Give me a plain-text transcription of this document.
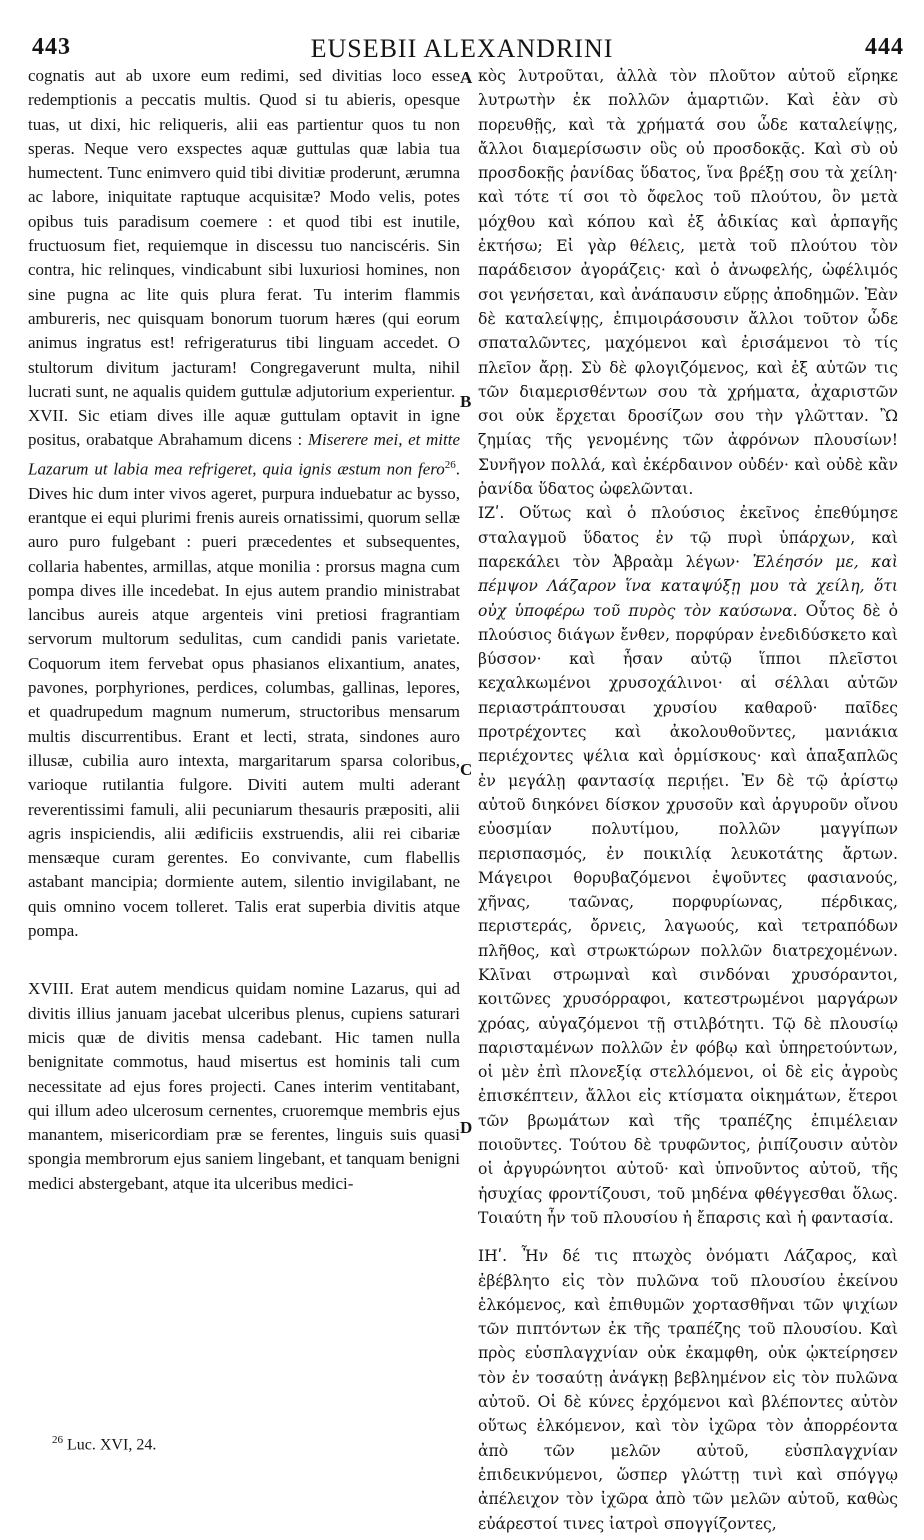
443	EUSEBII ALEXANDRINI	444

cognatis aut ab uxore eum redimi, sed divitias loco esse redemptionis a peccatis multis. Quod si tu abieris, opesque tuas, ut dixi, hic reliqueris, alii eas partientur quos tu non speras. Neque vero exspectes aquæ guttulas quæ labia tua humectent. Tunc enimvero quid tibi divitiæ proderunt, ærumna ac labore, iniquitate raptuque acquisitæ? Modo velis, potes opibus tuis paradisum coemere : et quod tibi est inutile, fructuosum fiet, requiemque in discessu tuo nanciscéris. Sin contra, hic relinques, vindicabunt sibi luxuriosi homines, non sine pugna ac lite quis plura ferat. Tu interim flammis ambureris, nec quisquam bonorum tuorum hæres (qui eorum animus ingratus est! refrigeraturus tibi linguam accedet. O stultorum divitum jacturam! Congregaverunt multa, nihil lucrati sunt, ne aqualis quidem guttulæ adjutorium experientur.

XVII. Sic etiam dives ille aquæ guttulam optavit in igne positus, orabatque Abrahamum dicens : Miserere mei, et mitte Lazarum ut labia mea refrigeret, quia ignis æstum non fero$^{26}$. Dives hic dum inter vivos ageret, purpura induebatur ac bysso, erantque ei equi plurimi frenis aureis ornatissimi, quorum sellæ auro puro fulgebant : pueri præcedentes et subsequentes, collaria habentes, armillas, atque monilia : prorsus magna cum pompa dives ille incedebat. In ejus autem prandio ministrabat lancibus aureis atque argenteis vini pretiosi fragrantiam servorum multorum sedulitas, cum candidi panis varietate. Coquorum item fervebat opus phasianos elixantium, anates, pavones, porphyriones, perdices, columbas, gallinas, lepores, et quadrupedum magnum numerum, structoribus mensarum multis discurrentibus. Erant et lecti, strata, sindones auro illusæ, cubilia auro intexta, margaritarum sparsa coloribus, varioque rutilantia fulgore. Diviti autem multi aderant reverentissimi famuli, alii pecuniarum thesauris præpositi, alii agris inspiciendis, alii ædificiis exstruendis, alii rei cibariæ mensæque curam gerentes. Eo convivante, cum flabellis astabant mancipia; dormiente autem, silentio invigilabant, ne quis omnino vocem tolleret. Talis erat superbia divitis atque pompa.

XVIII. Erat autem mendicus quidam nomine Lazarus, qui ad divitis illius januam jacebat ulceribus plenus, cupiens saturari micis quæ de divitis mensa cadebant. Hic tamen nulla benignitate commotus, haud misertus est hominis tali cum necessitate ad ejus fores projecti. Canes interim ventitabant, qui illum adeo ulcerosum cernentes, cruoremque membris ejus manantem, misericordiam præ se ferentes, linguis suis quasi spongia membrorum ejus saniem lingebant, et tanquam benigni medici abstergebant, atque ita ulceribus medici-

A
B
C
D

κὸς λυτροῦται, ἀλλὰ τὸν πλοῦτον αὐτοῦ εἴρηκε λυτρωτὴν ἐκ πολλῶν ἁμαρτιῶν. Καὶ ἐὰν σὺ πορευθῇς, καὶ τὰ χρήματά σου ὧδε καταλείψῃς, ἄλλοι διαμερίσωσιν οὓς οὐ προσδοκᾷς. Καὶ σὺ οὐ προσδοκῇς ῥανίδας ὕδατος, ἵνα βρέξῃ σου τὰ χείλη· καὶ τότε τί σοι τὸ ὄφελος τοῦ πλούτου, ὃν μετὰ μόχθου καὶ κόπου καὶ ἐξ ἀδικίας καὶ ἁρπαγῆς ἐκτήσω; Εἰ γὰρ θέλεις, μετὰ τοῦ πλούτου τὸν παράδεισον ἀγοράζεις· καὶ ὁ ἀνωφελής, ὠφέλιμός σοι γενήσεται, καὶ ἀνάπαυσιν εὕρῃς ἀποδημῶν. Ἐὰν δὲ καταλείψῃς, ἐπιμοιράσουσιν ἄλλοι τοῦτον ὧδε σπαταλῶντες, μαχόμενοι καὶ ἐρισάμενοι τὸ τίς πλεῖον ἄρῃ. Σὺ δὲ φλογιζόμενος, καὶ ἐξ αὐτῶν τις τῶν διαμερισθέντων σου τὰ χρήματα, ἀχαριστῶν σοι οὐκ ἔρχεται δροσίζων σου τὴν γλῶτταν. Ὢ ζημίας τῆς γενομένης τῶν ἀφρόνων πλουσίων! Συνῆγον πολλά, καὶ ἐκέρδαινον οὐδέν· καὶ οὐδὲ κἂν ῥανίδα ὕδατος ὠφελῶνται.

ΙΖʹ. Οὕτως καὶ ὁ πλούσιος ἐκεῖνος ἐπεθύμησε σταλαγμοῦ ὕδατος ἐν τῷ πυρὶ ὑπάρχων, καὶ παρεκάλει τὸν Ἀβραὰμ λέγων· Ἐλέησόν με, καὶ πέμψον Λάζαρον ἵνα καταψύξῃ μου τὰ χείλη, ὅτι οὐχ ὑποφέρω τοῦ πυρὸς τὸν καύσωνα. Οὗτος δὲ ὁ πλούσιος διάγων ἔνθεν, πορφύραν ἐνεδιδύσκετο καὶ βύσσον· καὶ ἦσαν αὐτῷ ἵπποι πλεῖστοι κεχαλκωμένοι χρυσοχάλινοι· αἱ σέλλαι αὐτῶν περιαστράπτουσαι χρυσίου καθαροῦ· παῖδες προτρέχοντες καὶ ἀκολουθοῦντες, μανιάκια περιέχοντες ψέλια καὶ ὁρμίσκους· καὶ ἁπαξαπλῶς ἐν μεγάλῃ φαντασίᾳ περιῄει. Ἐν δὲ τῷ ἀρίστῳ αὐτοῦ διηκόνει δίσκον χρυσοῦν καὶ ἀργυροῦν οἴνου εὐοσμίαν πολυτίμου, πολλῶν μαγγίπων περισπασμός, ἐν ποικιλίᾳ λευκοτάτης ἄρτων. Μάγειροι θορυβαζόμενοι ἐψοῦντες φασιανούς, χῆνας, ταῶνας, πορφυρίωνας, πέρδικας, περιστεράς, ὄρνεις, λαγωούς, καὶ τετραπόδων πλῆθος, καὶ στρωκτώρων πολλῶν διατρεχομένων. Κλῖναι στρωμναὶ καὶ σινδόναι χρυσόραντοι, κοιτῶνες χρυσόρραφοι, κατεστρωμένοι μαργάρων χρόας, αὐγαζόμενοι τῇ στιλβότητι. Τῷ δὲ πλουσίῳ παρισταμένων πολλῶν ἐν φόβῳ καὶ ὑπηρετούντων, οἱ μὲν ἐπὶ πλονεξίᾳ στελλόμενοι, οἱ δὲ εἰς ἀγροὺς ἐπισκέπτειν, ἄλλοι εἰς κτίσματα οἰκημάτων, ἕτεροι τῶν βρωμάτων καὶ τῆς τραπέζης ἐπιμέλειαν ποιοῦντες. Τούτου δὲ τρυφῶντος, ῥιπίζουσιν αὐτὸν οἱ ἀργυρώνητοι αὐτοῦ· καὶ ὑπνοῦντος αὐτοῦ, τῆς ἡσυχίας φροντίζουσι, τοῦ μηδένα φθέγγεσθαι ὅλως. Τοιαύτη ἦν τοῦ πλουσίου ἡ ἔπαρσις καὶ ἡ φαντασία.

ΙΗʹ. Ἦν δέ τις πτωχὸς ὀνόματι Λάζαρος, καὶ ἐβέβλητο εἰς τὸν πυλῶνα τοῦ πλουσίου ἐκείνου ἑλκόμενος, καὶ ἐπιθυμῶν χορτασθῆναι τῶν ψιχίων τῶν πιπτόντων ἐκ τῆς τραπέζης τοῦ πλουσίου. Καὶ πρὸς εὐσπλαγχνίαν οὐκ ἐκαμφθη, οὐκ ᾠκτείρησεν τὸν ἐν τοσαύτῃ ἀνάγκῃ βεβλημένον εἰς τὸν πυλῶνα αὐτοῦ. Οἱ δὲ κύνες ἐρχόμενοι καὶ βλέποντες αὐτὸν οὕτως ἑλκόμενον, καὶ τὸν ἰχῶρα τὸν ἀπορρέοντα ἀπὸ τῶν μελῶν αὐτοῦ, εὐσπλαγχνίαν ἐπιδεικνύμενοι, ὥσπερ γλώττῃ τινὶ καὶ σπόγγῳ ἀπέλειχον τὸν ἰχῶρα ἀπὸ τῶν μελῶν αὐτοῦ, καθὼς εὐάρεστοί τινες ἰατροὶ σπογγίζοντες,

$^{26}$ Luc. XVI, 24.
